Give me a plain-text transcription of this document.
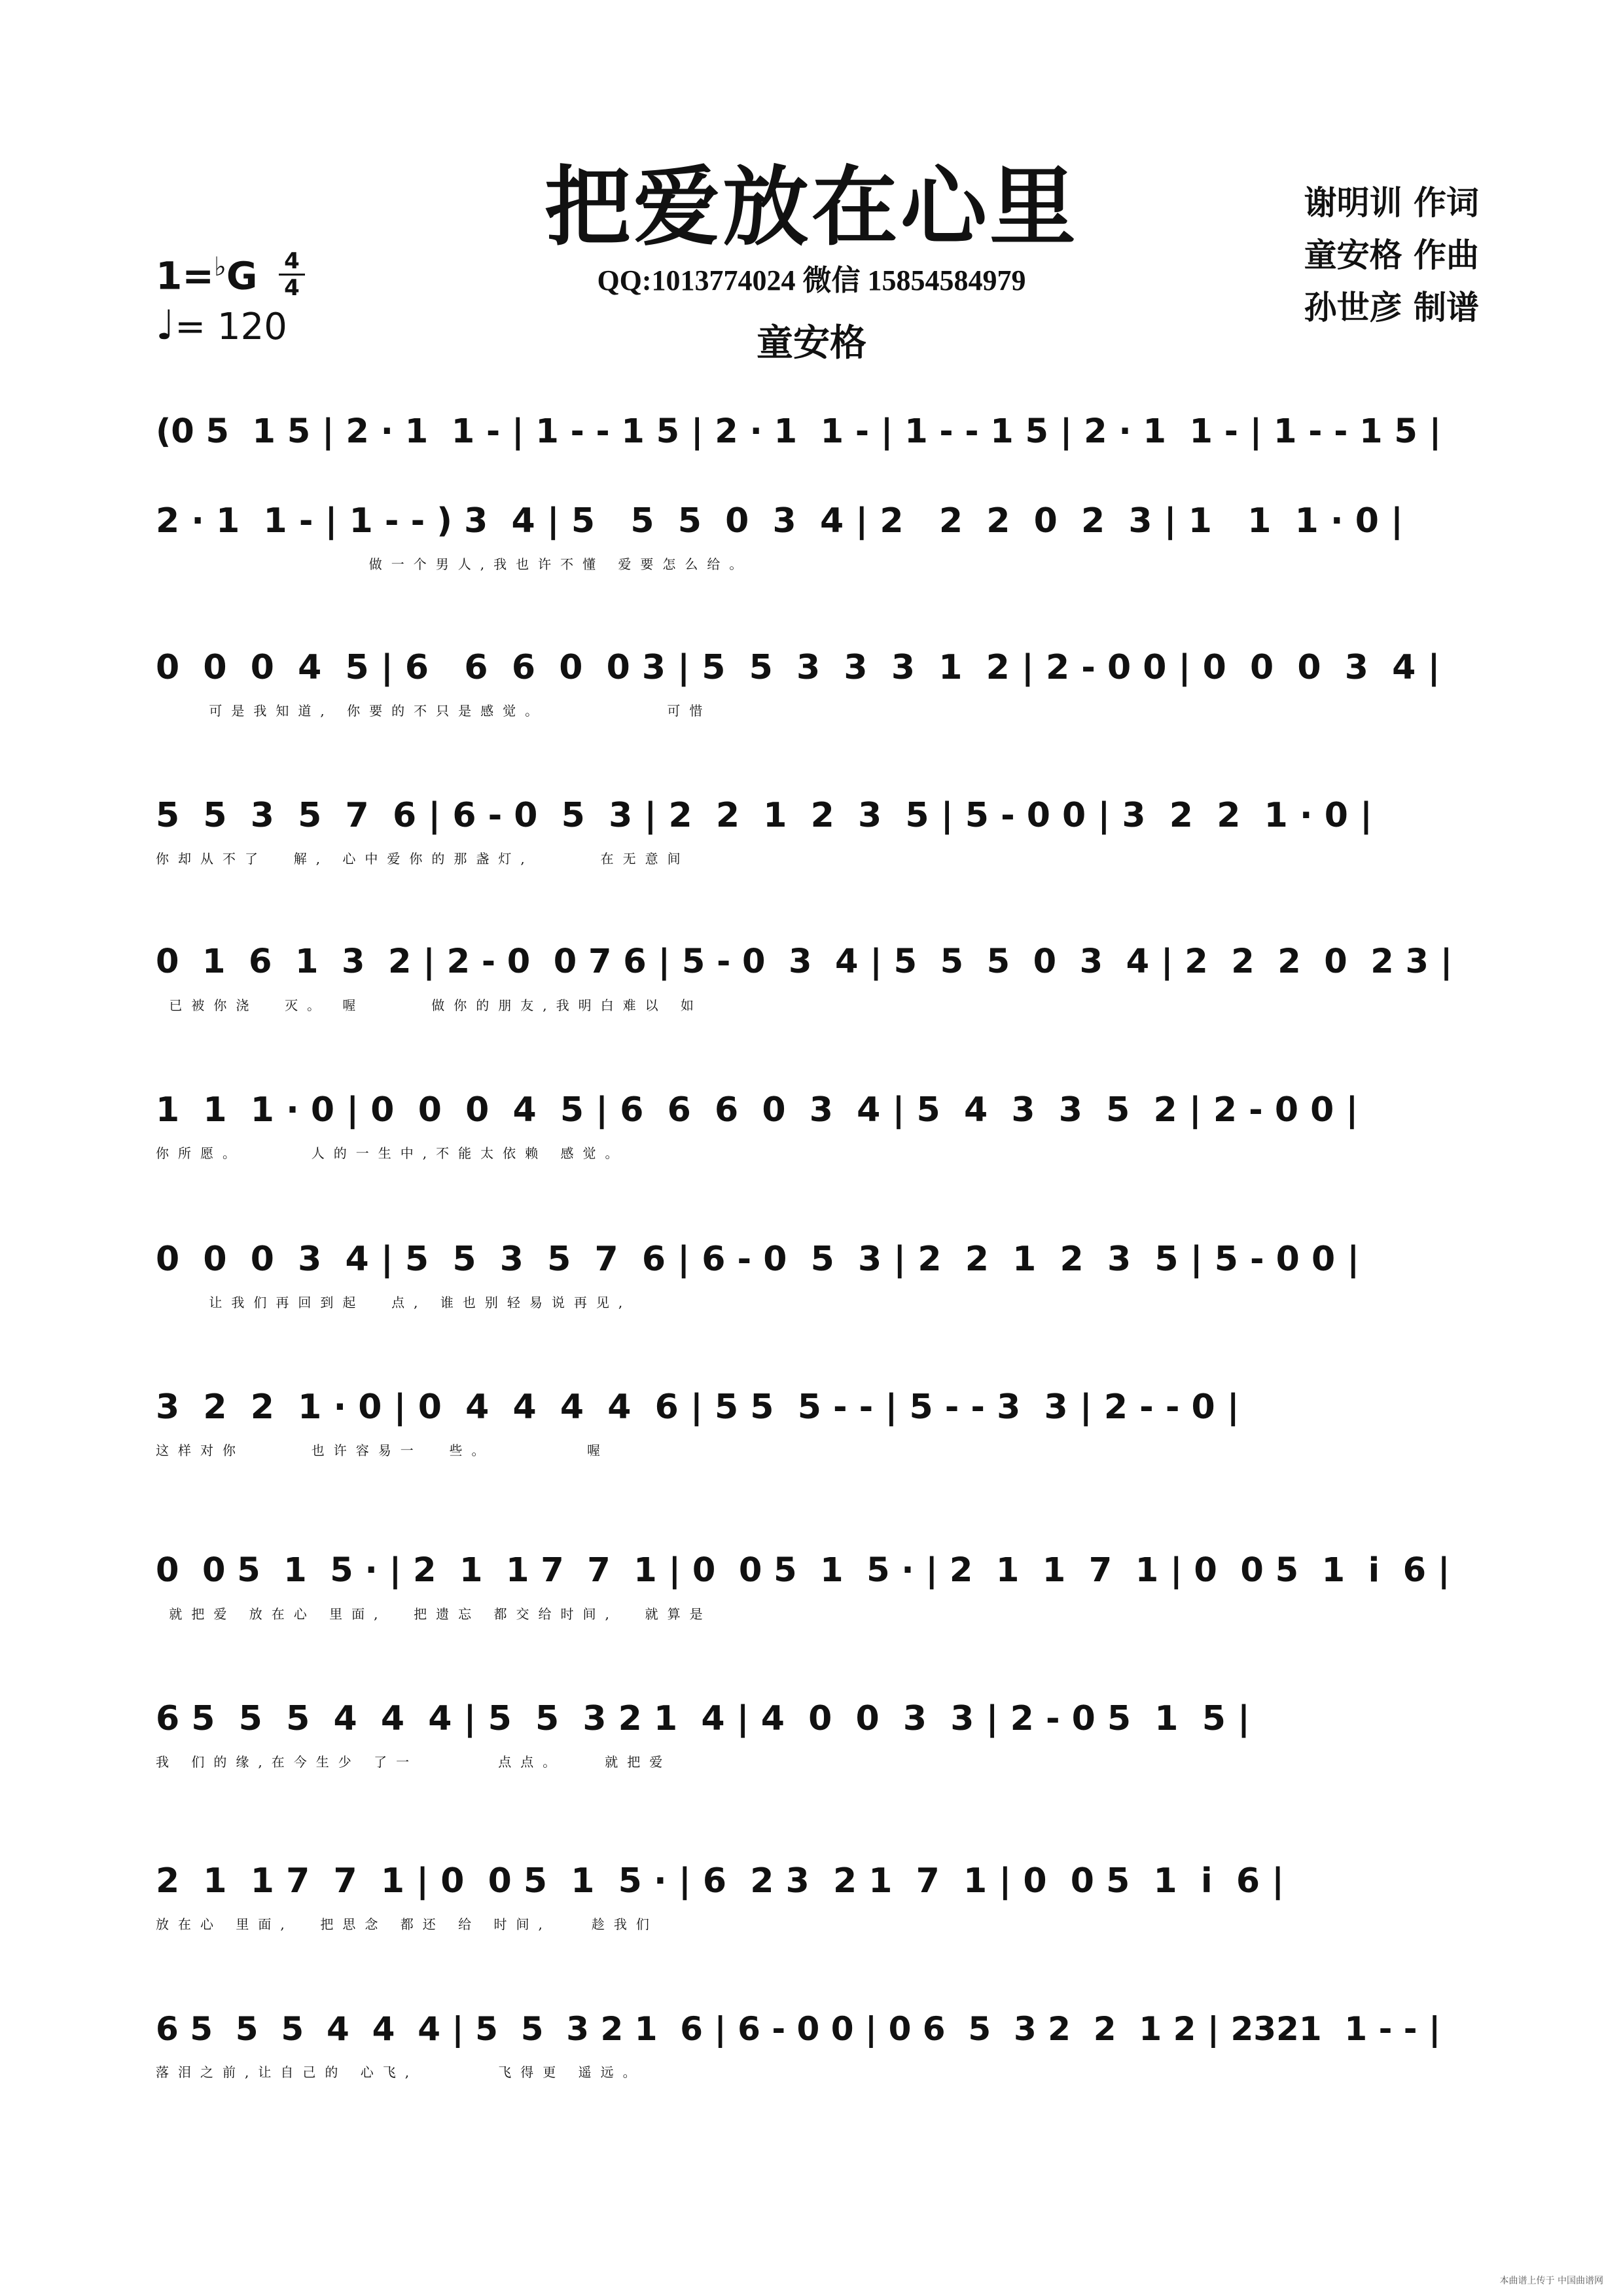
把爱放在心里
QQ:1013774024 微信 15854584979
童安格
谢明训 作词
童安格 作曲
孙世彦 制谱
1=♭G 4
4
♩= 120
(0 5  1 5 | 2 · 1  1 - | 1 - - 1 5 | 2 · 1  1 - | 1 - - 1 5 | 2 · 1  1 - | 1 - - 1 5 |
2 · 1  1 - | 1 - - ) 3  4 | 5   5  5  0  3  4 | 2   2  2  0  2  3 | 1   1  1 · 0 |
做一个男人,我也许不懂 爱要怎么给。
0  0  0  4  5 | 6   6  6  0  0 3 | 5  5  3  3  3  1  2 | 2 - 0 0 | 0  0  0  3  4 |
可是我知道, 你要的不只是感觉。         可惜
5  5  3  5  7  6 | 6 - 0  5  3 | 2  2  1  2  3  5 | 5 - 0 0 | 3  2  2  1 · 0 |
你却从不了  解, 心中爱你的那盏灯,     在无意间
0  1  6  1  3  2 | 2 - 0  0 7 6 | 5 - 0  3  4 | 5  5  5  0  3  4 | 2  2  2  0  2 3 |
已被你浇  灭。 喔     做你的朋友,我明白难以 如
1  1  1 · 0 | 0  0  0  4  5 | 6  6  6  0  3  4 | 5  4  3  3  5  2 | 2 - 0 0 |
你所愿。     人的一生中,不能太依赖 感觉。
0  0  0  3  4 | 5  5  3  5  7  6 | 6 - 0  5  3 | 2  2  1  2  3  5 | 5 - 0 0 |
让我们再回到起  点, 谁也别轻易说再见,
3  2  2  1 · 0 | 0  4  4  4  4  6 | 5 5  5 - - | 5 - - 3  3 | 2 - - 0 |
这样对你     也许容易一  些。       喔
0  0 5  1  5 · | 2  1  1 7  7  1 | 0  0 5  1  5 · | 2  1  1  7  1 | 0  0 5  1  i  6 |
就把爱 放在心 里面,  把遗忘 都交给时间,  就算是
6 5  5  5  4  4  4 | 5  5  3 2 1  4 | 4  0  0  3  3 | 2 - 0 5  1  5 |
我 们的缘,在今生少 了一      点点。   就把爱
2  1  1 7  7  1 | 0  0 5  1  5 · | 6  2 3  2 1  7  1 | 0  0 5  1  i  6 |
放在心 里面,  把思念 都还 给 时间,   趁我们
6 5  5  5  4  4  4 | 5  5  3 2 1  6 | 6 - 0 0 | 0 6  5  3 2  2  1 2 | 2321  1 - - |
落泪之前,让自己的 心飞,      飞得更 遥远。
本曲谱上传于 中国曲谱网
